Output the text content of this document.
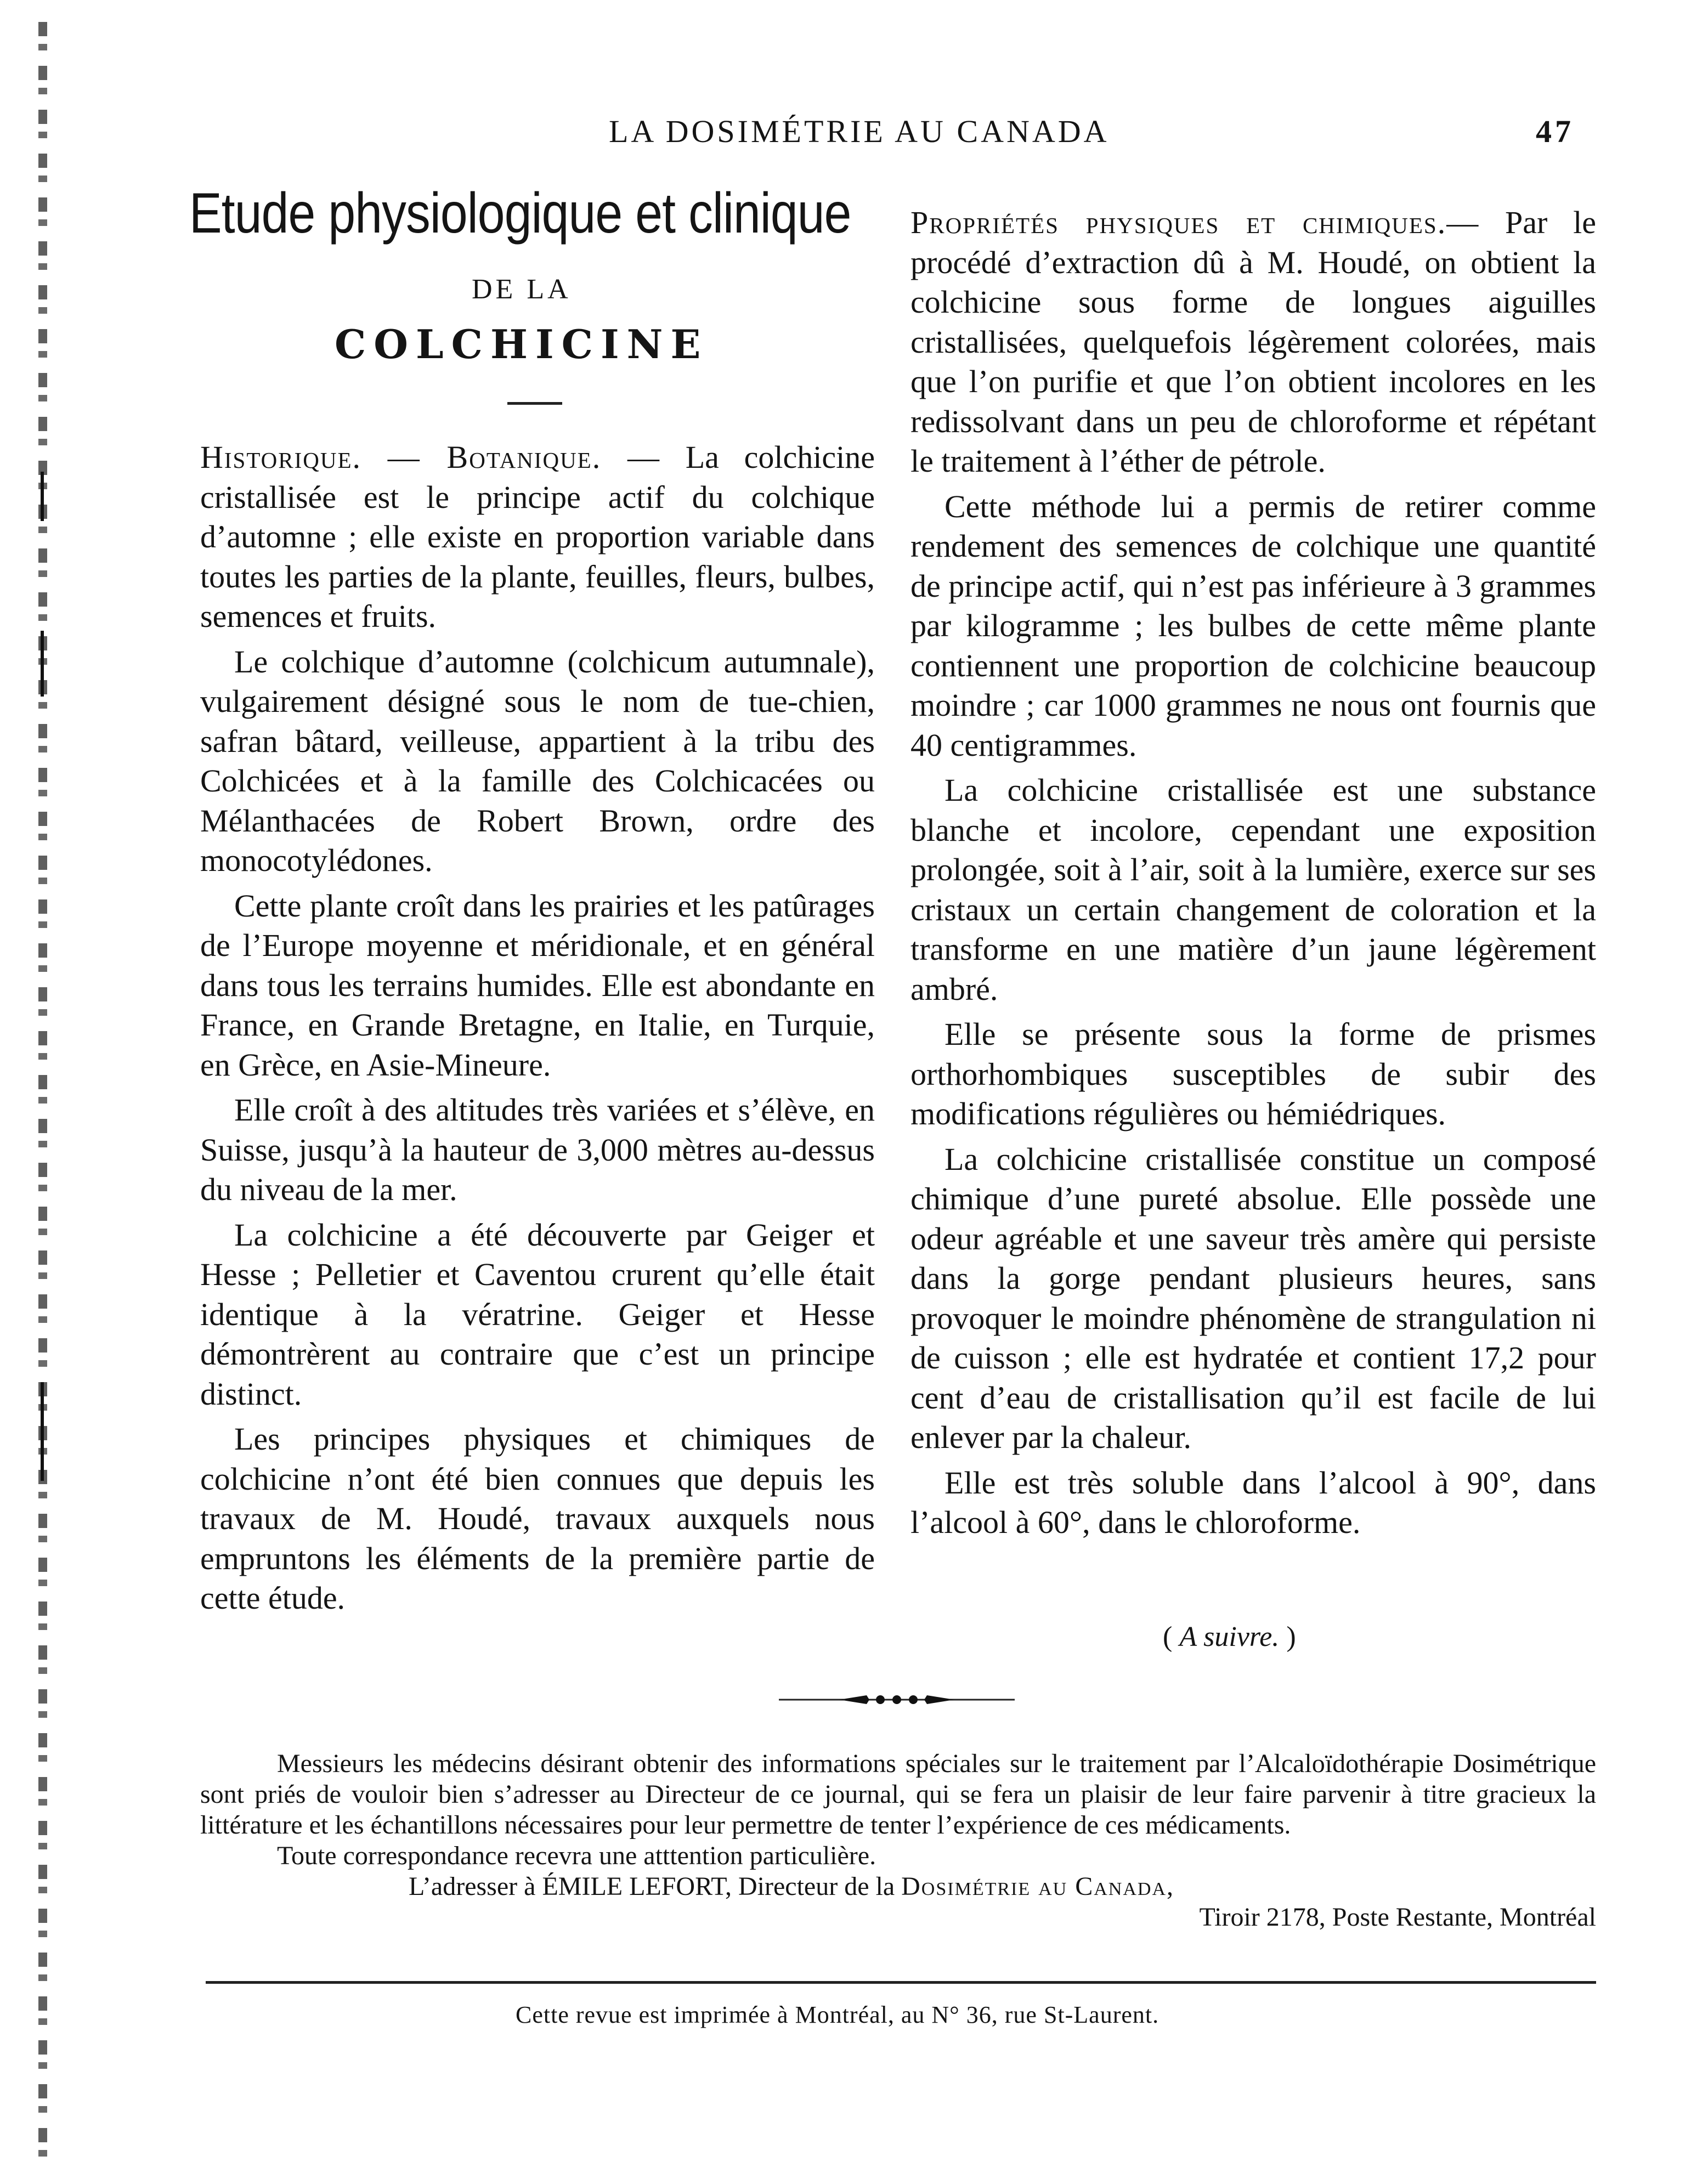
LA DOSIMÉTRIE AU CANADA	47
Etude physiologique et clinique
DE LA
COLCHICINE

Historique. — Botanique. — La colchicine cristallisée est le principe actif du colchique d’automne ; elle existe en proportion variable dans toutes les parties de la plante, feuilles, fleurs, bulbes, semences et fruits.

Le colchique d’automne (colchicum autumnale), vulgairement désigné sous le nom de tue-chien, safran bâtard, veilleuse, appartient à la tribu des Colchicées et à la famille des Colchicacées ou Mélanthacées de Robert Brown, ordre des monocotylédones.

Cette plante croît dans les prairies et les patûrages de l’Europe moyenne et méridionale, et en général dans tous les terrains humides. Elle est abondante en France, en Grande Bretagne, en Italie, en Turquie, en Grèce, en Asie-Mineure.

Elle croît à des altitudes très variées et s’élève, en Suisse, jusqu’à la hauteur de 3,000 mètres au-dessus du niveau de la mer.

La colchicine a été découverte par Geiger et Hesse ; Pelletier et Caventou crurent qu’elle était identique à la vératrine. Geiger et Hesse démontrèrent au contraire que c’est un principe distinct.

Les principes physiques et chimiques de colchicine n’ont été bien connues que depuis les travaux de M. Houdé, travaux auxquels nous empruntons les éléments de la première partie de cette étude.

Propriétés physiques et chimiques.— Par le procédé d’extraction dû à M. Houdé, on obtient la colchicine sous forme de longues aiguilles cristallisées, quelquefois légèrement colorées, mais que l’on purifie et que l’on obtient incolores en les redissolvant dans un peu de chloroforme et répétant le traitement à l’éther de pétrole.

Cette méthode lui a permis de retirer comme rendement des semences de colchique une quantité de principe actif, qui n’est pas inférieure à 3 grammes par kilogramme ; les bulbes de cette même plante contiennent une proportion de colchicine beaucoup moindre ; car 1000 grammes ne nous ont fournis que 40 centigrammes.

La colchicine cristallisée est une substance blanche et incolore, cependant une exposition prolongée, soit à l’air, soit à la lumière, exerce sur ses cristaux un certain changement de coloration et la transforme en une matière d’un jaune légèrement ambré.

Elle se présente sous la forme de prismes orthorhombiques susceptibles de subir des modifications régulières ou hémiédriques.

La colchicine cristallisée constitue un composé chimique d’une pureté absolue. Elle possède une odeur agréable et une saveur très amère qui persiste dans la gorge pendant plusieurs heures, sans provoquer le moindre phénomène de strangulation ni de cuisson ; elle est hydratée et contient 17,2 pour cent d’eau de cristallisation qu’il est facile de lui enlever par la chaleur.

Elle est très soluble dans l’alcool à 90°, dans l’alcool à 60°, dans le chloroforme.

( A suivre. )

Messieurs les médecins désirant obtenir des informations spéciales sur le traitement par l’Alcaloïdothérapie Dosimétrique sont priés de vouloir bien s’adresser au Directeur de ce journal, qui se fera un plaisir de leur faire parvenir à titre gracieux la littérature et les échantillons nécessaires pour leur permettre de tenter l’expérience de ces médicaments.

Toute correspondance recevra une atttention particulière.

L’adresser à ÉMILE LEFORT, Directeur de la Dosimétrie au Canada,

Tiroir 2178, Poste Restante, Montréal

Cette revue est imprimée à Montréal, au N° 36, rue St-Laurent.
